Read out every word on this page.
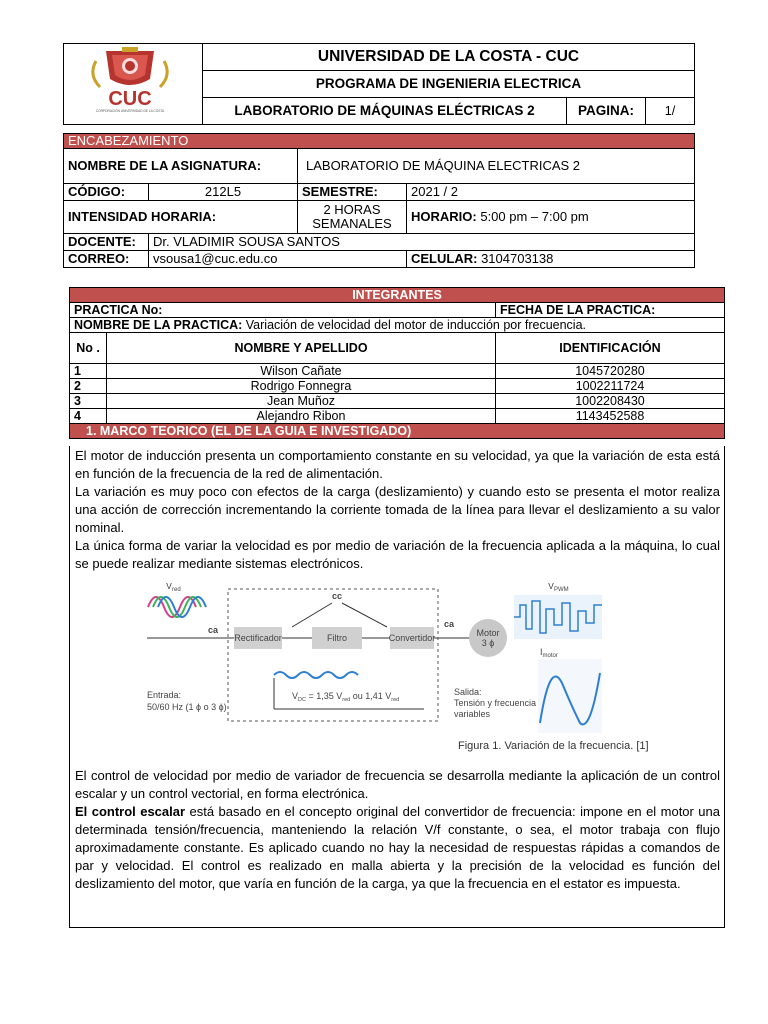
CUC
CORPORACIÓN UNIVERSIDAD DE LA COSTA
	UNIVERSIDAD DE LA COSTA - CUC		
	PROGRAMA DE INGENIERIA ELECTRICA		
	LABORATORIO DE MÁQUINAS ELÉCTRICAS 2	PAGINA:	1/
ENCABEZAMIENTO			
NOMBRE DE LA ASIGNATURA:		LABORATORIO DE MÁQUINA ELECTRICAS 2	
CÓDIGO:	212L5	SEMESTRE:	2021 / 2
INTENSIDAD HORARIA:		2 HORAS SEMANALES	HORARIO: 5:00 pm – 7:00 pm
DOCENTE:	Dr. VLADIMIR SOUSA SANTOS		
CORREO:	vsousa1@cuc.edu.co		CELULAR: 3104703138
INTEGRANTES		
PRACTICA No:		FECHA DE LA PRACTICA:
NOMBRE DE LA PRACTICA: Variación de velocidad del motor de inducción por frecuencia.		
No .	NOMBRE Y APELLIDO	IDENTIFICACIÓN
1	Wilson Cañate	1045720280
2	Rodrigo Fonnegra	1002211724
3	Jean Muñoz	1002208430
4	Alejandro Ribon	1143452588
1. MARCO TEORICO (EL DE LA GUIA E INVESTIGADO)		

El motor de inducción presenta un comportamiento constante en su velocidad, ya que la variación de esta está en función de la frecuencia de la red de alimentación.

La variación es muy poco con efectos de la carga (deslizamiento) y cuando esto se presenta el motor realiza una acción de corrección incrementando la corriente tomada de la línea para llevar el deslizamiento a su valor nominal.

La única forma de variar la velocidad es por medio de variación de la frecuencia aplicada a la máquina, lo cual se puede realizar mediante sistemas electrónicos.

$V_{red}$
ca
Rectificador	Filtro	Convertidor
cc
ca
Motor
3 ϕ
$V_{DC} = 1,35$ $V_{red}$ ou 1,41 $V_{red}$
Entrada:
50/60 Hz (1 ϕ o 3 ϕ)
$V_{PWM}$
$I_{motor}$
Salida:
Tensión y frecuencia
variables
Figura 1. Variación de la frecuencia. [1]

El control de velocidad por medio de variador de frecuencia se desarrolla mediante la aplicación de un control escalar y un control vectorial, en forma electrónica.

El control escalar está basado en el concepto original del convertidor de frecuencia: impone en el motor una determinada tensión/frecuencia, manteniendo la relación V/f constante, o sea, el motor trabaja con flujo aproximadamente constante. Es aplicado cuando no hay la necesidad de respuestas rápidas a comandos de par y velocidad. El control es realizado en malla abierta y la precisión de la velocidad es función del deslizamiento del motor, que varía en función de la carga, ya que la frecuencia en el estator es impuesta.
